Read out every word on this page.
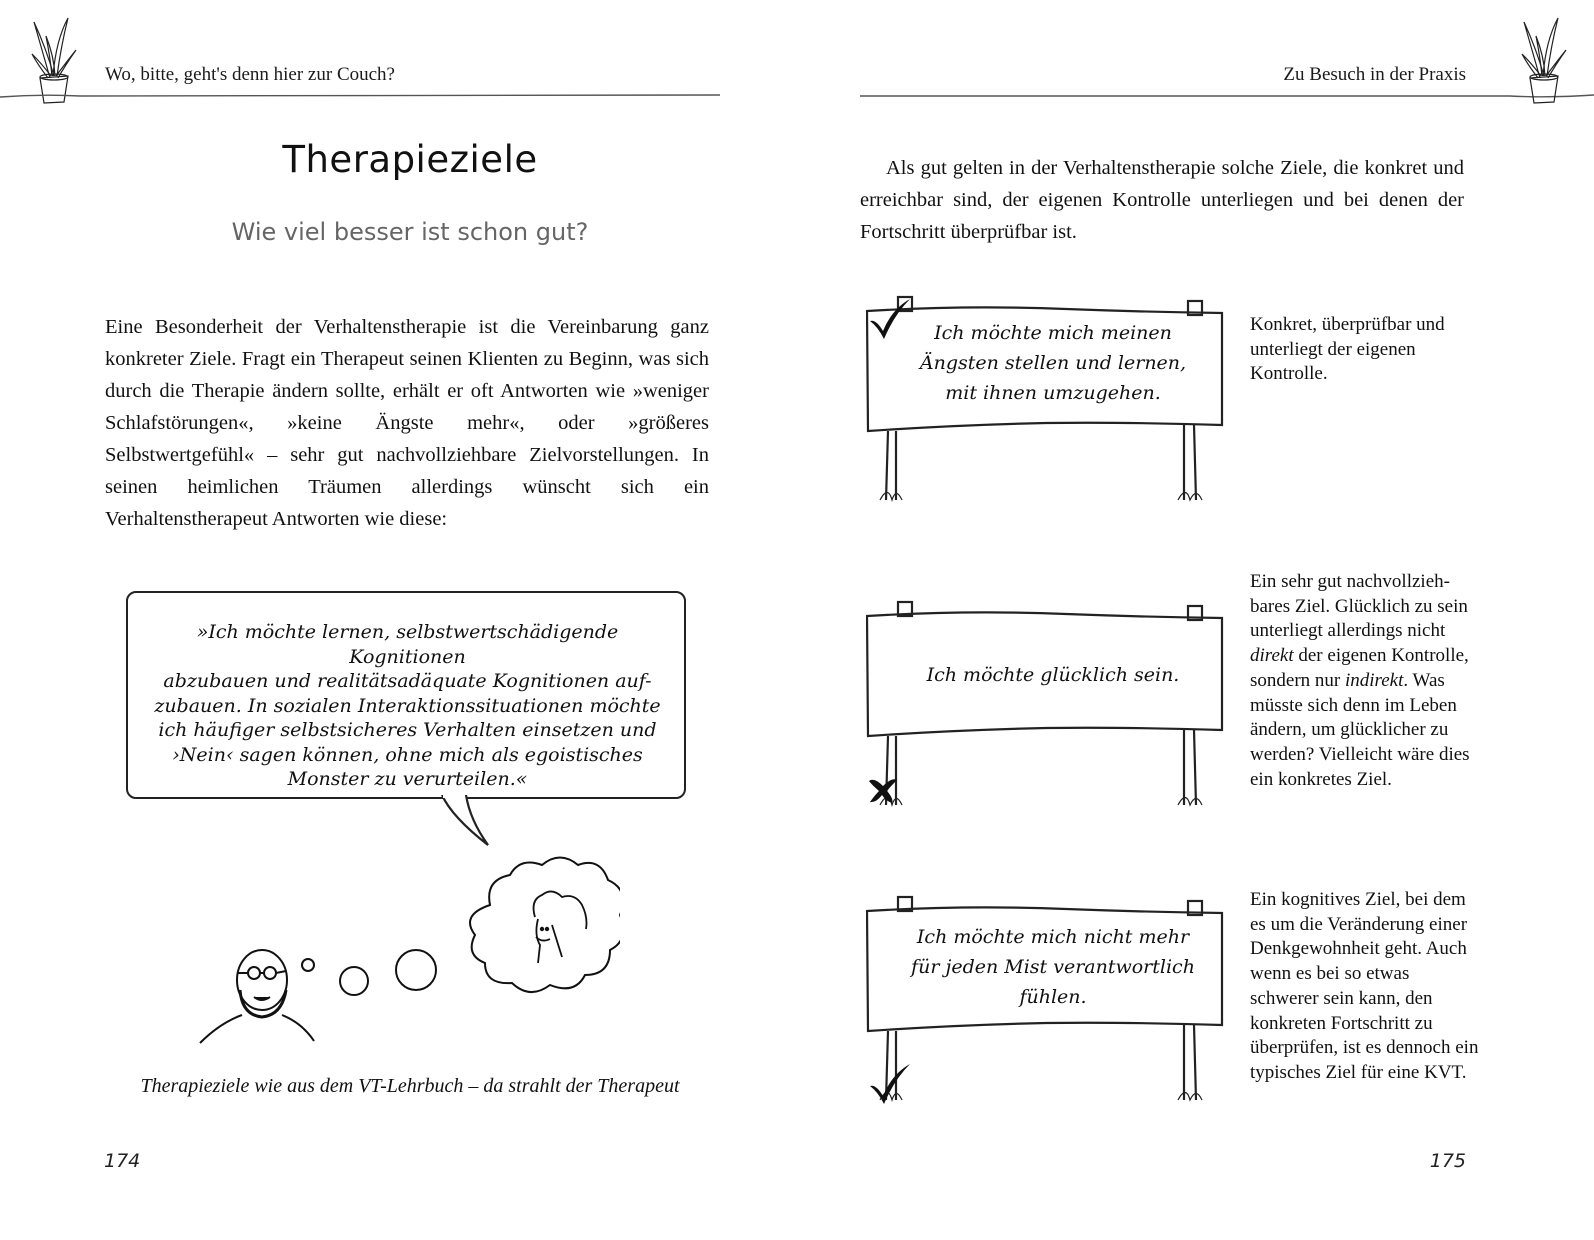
Wo, bitte, geht's denn hier zur Couch?
Therapieziele
Wie viel besser ist schon gut?
Eine Besonderheit der Verhaltenstherapie ist die Vereinbarung ganz konkreter Ziele. Fragt ein Therapeut seinen Klienten zu Beginn, was sich durch die Therapie ändern sollte, erhält er oft Antworten wie »weniger Schlafstörungen«, »keine Ängste mehr«, oder »größeres Selbstwertgefühl« – sehr gut nachvollziehbare Zielvorstellungen. In seinen heimlichen Träumen allerdings wünscht sich ein Verhaltenstherapeut Antworten wie diese:
»Ich möchte lernen, selbstwertschädigende Kognitionen
abzubauen und realitätsadäquate Kognitionen auf-
zubauen. In sozialen Interaktionssituationen möchte
ich häufiger selbstsicheres Verhalten einsetzen und
›Nein‹ sagen können, ohne mich als egoistisches
Monster zu verurteilen.«
Therapieziele wie aus dem VT-Lehrbuch – da strahlt der Therapeut
174
Zu Besuch in der Praxis
Als gut gelten in der Verhaltenstherapie solche Ziele, die konkret und erreichbar sind, der eigenen Kontrolle unterliegen und bei denen der Fortschritt überprüfbar ist.
Ich möchte mich meinen
Ängsten stellen und lernen,
mit ihnen umzugehen.
Konkret, überprüfbar und unterliegt der eigenen Kontrolle.
Ich möchte glücklich sein.
Ein sehr gut nachvollziehbares Ziel. Glücklich zu sein unterliegt allerdings nicht direkt der eigenen Kontrolle, sondern nur indirekt. Was müsste sich denn im Leben ändern, um glücklicher zu werden? Vielleicht wäre dies ein konkretes Ziel.
Ich möchte mich nicht mehr
für jeden Mist verantwortlich
fühlen.
Ein kognitives Ziel, bei dem es um die Veränderung einer Denkgewohnheit geht. Auch wenn es bei so etwas schwerer sein kann, den konkreten Fortschritt zu überprüfen, ist es dennoch ein typisches Ziel für eine KVT.
175
